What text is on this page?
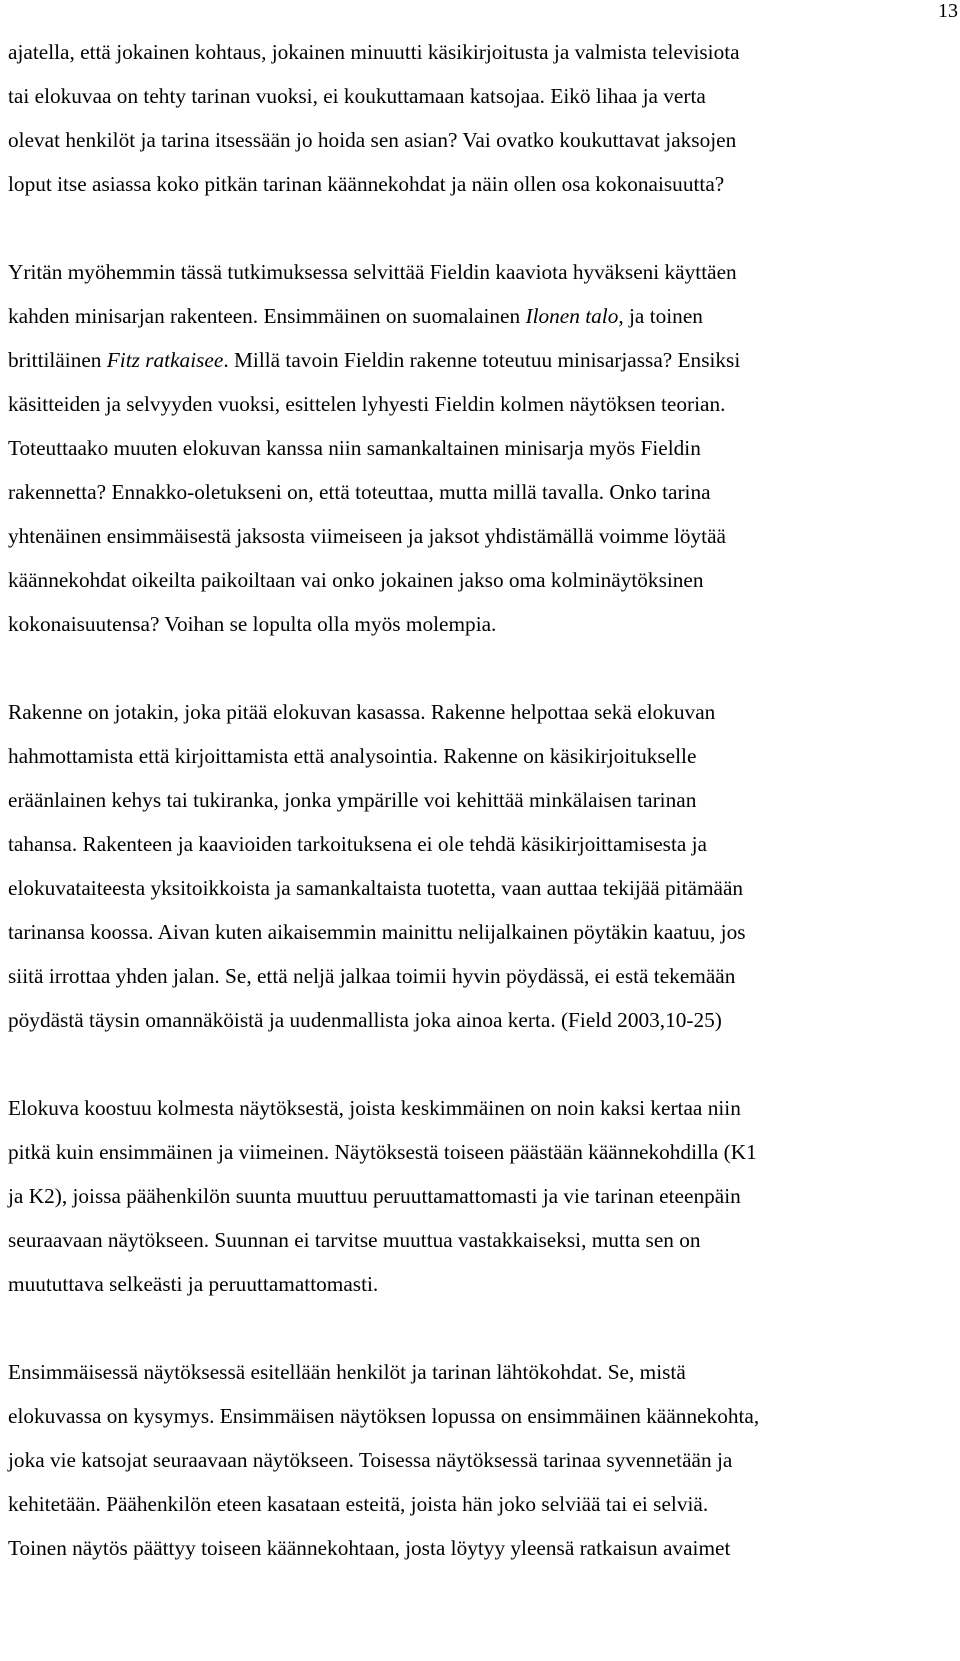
13

ajatella, että jokainen kohtaus, jokainen minuutti käsikirjoitusta ja valmista televisiota
tai elokuvaa on tehty tarinan vuoksi, ei koukuttamaan katsojaa. Eikö lihaa ja verta
olevat henkilöt ja tarina itsessään jo hoida sen asian? Vai ovatko koukuttavat jaksojen
loput itse asiassa koko pitkän tarinan käännekohdat ja näin ollen osa kokonaisuutta?

Yritän myöhemmin tässä tutkimuksessa selvittää Fieldin kaaviota hyväkseni käyttäen
kahden minisarjan rakenteen. Ensimmäinen on suomalainen Ilonen talo, ja toinen
brittiläinen Fitz ratkaisee. Millä tavoin Fieldin rakenne toteutuu minisarjassa? Ensiksi
käsitteiden ja selvyyden vuoksi, esittelen lyhyesti Fieldin kolmen näytöksen teorian.
Toteuttaako muuten elokuvan kanssa niin samankaltainen minisarja myös Fieldin
rakennetta? Ennakko-oletukseni on, että toteuttaa, mutta millä tavalla. Onko tarina
yhtenäinen ensimmäisestä jaksosta viimeiseen ja jaksot yhdistämällä voimme löytää
käännekohdat oikeilta paikoiltaan vai onko jokainen jakso oma kolminäytöksinen
kokonaisuutensa? Voihan se lopulta olla myös molempia.

Rakenne on jotakin, joka pitää elokuvan kasassa. Rakenne helpottaa sekä elokuvan
hahmottamista että kirjoittamista että analysointia. Rakenne on käsikirjoitukselle
eräänlainen kehys tai tukiranka, jonka ympärille voi kehittää minkälaisen tarinan
tahansa. Rakenteen ja kaavioiden tarkoituksena ei ole tehdä käsikirjoittamisesta ja
elokuvataiteesta yksitoikkoista ja samankaltaista tuotetta, vaan auttaa tekijää pitämään
tarinansa koossa. Aivan kuten aikaisemmin mainittu nelijalkainen pöytäkin kaatuu, jos
siitä irrottaa yhden jalan. Se, että neljä jalkaa toimii hyvin pöydässä, ei estä tekemään
pöydästä täysin omannäköistä ja uudenmallista joka ainoa kerta. (Field 2003,10-25)

Elokuva koostuu kolmesta näytöksestä, joista keskimmäinen on noin kaksi kertaa niin
pitkä kuin ensimmäinen ja viimeinen. Näytöksestä toiseen päästään käännekohdilla (K1
ja K2), joissa päähenkilön suunta muuttuu peruuttamattomasti ja vie tarinan eteenpäin
seuraavaan näytökseen. Suunnan ei tarvitse muuttua vastakkaiseksi, mutta sen on
muututtava selkeästi ja peruuttamattomasti.

Ensimmäisessä näytöksessä esitellään henkilöt ja tarinan lähtökohdat. Se, mistä
elokuvassa on kysymys. Ensimmäisen näytöksen lopussa on ensimmäinen käännekohta,
joka vie katsojat seuraavaan näytökseen. Toisessa näytöksessä tarinaa syvennetään ja
kehitetään. Päähenkilön eteen kasataan esteitä, joista hän joko selviää tai ei selviä.
Toinen näytös päättyy toiseen käännekohtaan, josta löytyy yleensä ratkaisun avaimet
